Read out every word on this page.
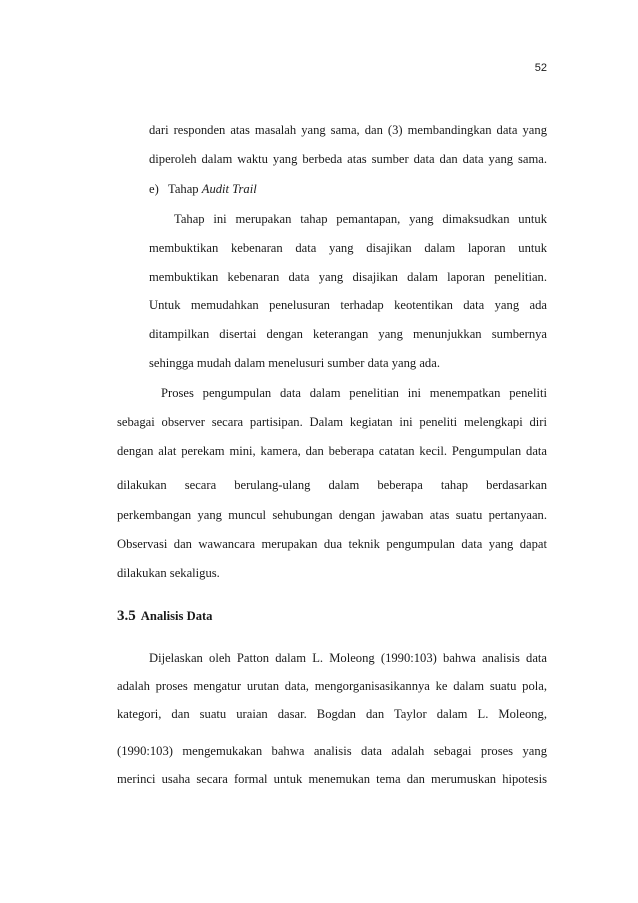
52
dari responden atas masalah yang sama, dan (3) membandingkan data yang
diperoleh dalam waktu yang berbeda atas sumber data dan data yang sama.
e)   Tahap Audit Trail
Tahap ini merupakan tahap pemantapan, yang dimaksudkan untuk
membuktikan kebenaran data yang disajikan dalam laporan untuk
membuktikan kebenaran data yang disajikan dalam laporan penelitian.
Untuk memudahkan penelusuran terhadap keotentikan data yang ada
ditampilkan disertai dengan keterangan yang menunjukkan sumbernya
sehingga mudah dalam menelusuri sumber data yang ada.
Proses pengumpulan data dalam penelitian ini menempatkan peneliti
sebagai observer secara partisipan. Dalam kegiatan ini peneliti melengkapi diri
dengan alat perekam mini, kamera, dan beberapa catatan kecil. Pengumpulan data
dilakukan secara berulang-ulang dalam beberapa tahap berdasarkan
perkembangan yang muncul sehubungan dengan jawaban atas suatu pertanyaan.
Observasi dan wawancara merupakan dua teknik pengumpulan data yang dapat
dilakukan sekaligus.
3.5 Analisis Data
Dijelaskan oleh Patton dalam L. Moleong (1990:103) bahwa analisis data
adalah proses mengatur urutan data, mengorganisasikannya ke dalam suatu pola,
kategori, dan suatu uraian dasar. Bogdan dan Taylor dalam L. Moleong,
(1990:103) mengemukakan bahwa analisis data adalah sebagai proses yang
merinci usaha secara formal untuk menemukan tema dan merumuskan hipotesis
